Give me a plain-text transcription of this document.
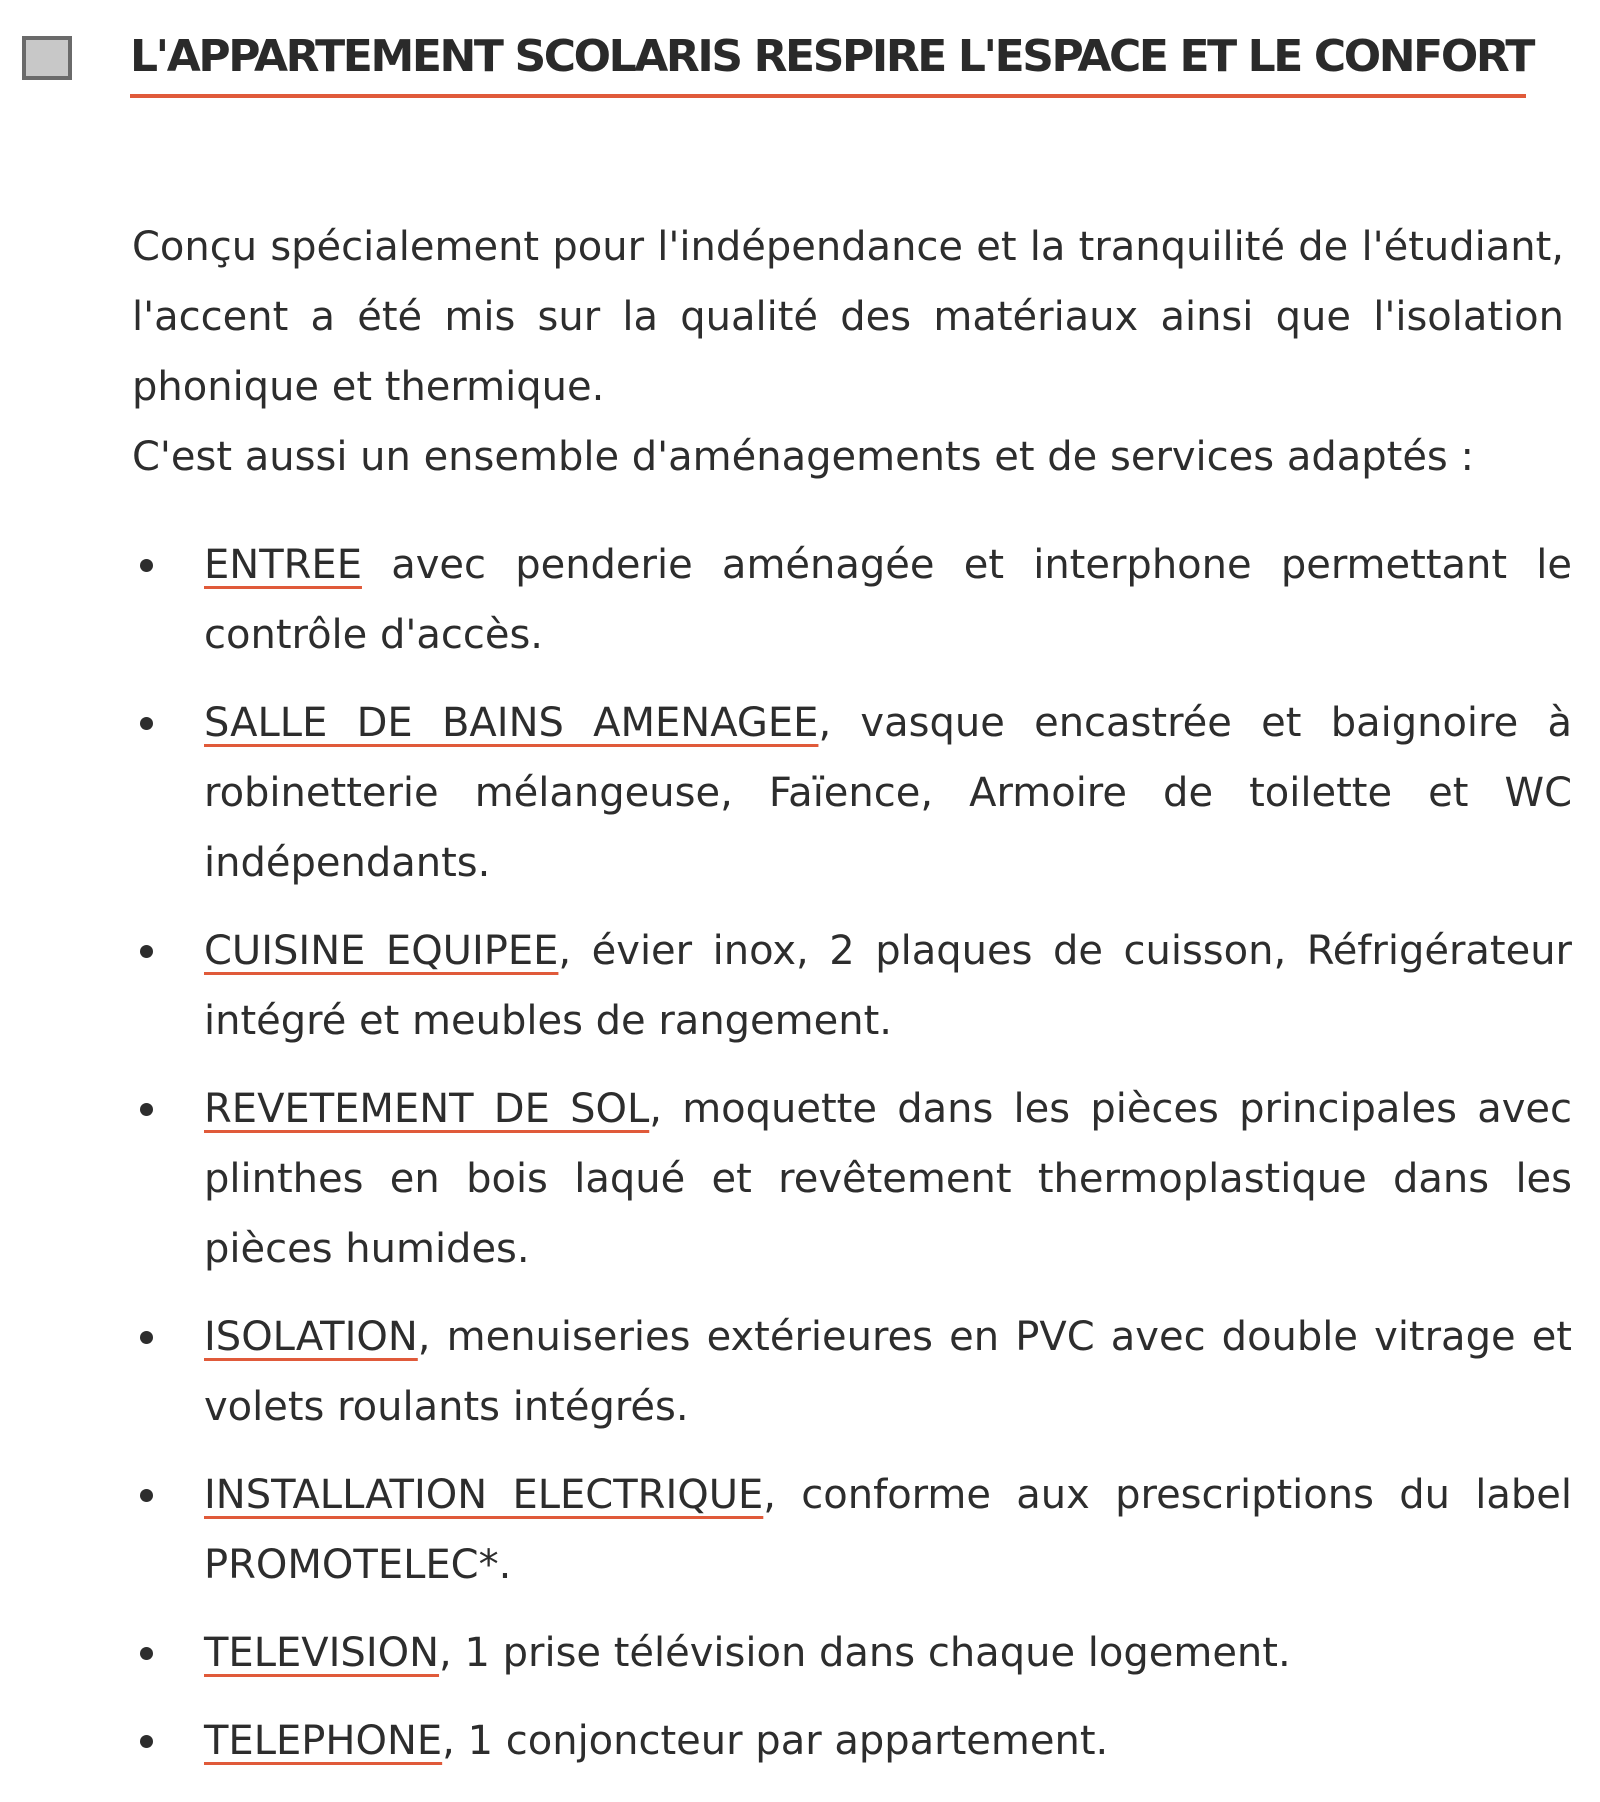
L'APPARTEMENT SCOLARIS RESPIRE L'ESPACE ET LE CONFORT

Conçu spécialement pour l'indépendance et la tranquilité de l'étudiant, l'accent a été mis sur la qualité des matériaux ainsi que l'isolation phonique et thermique.

C'est aussi un ensemble d'aménagements et de services adaptés :

ENTREE avec penderie aménagée et interphone permettant le contrôle d'accès.
SALLE DE BAINS AMENAGEE, vasque encastrée et baignoire à robinetterie mélangeuse, Faïence, Armoire de toilette et WC indépendants.
CUISINE EQUIPEE, évier inox, 2 plaques de cuisson, Réfrigérateur intégré et meubles de rangement.
REVETEMENT DE SOL, moquette dans les pièces principales avec plinthes en bois laqué et revêtement thermoplastique dans les pièces humides.
ISOLATION, menuiseries extérieures en PVC avec double vitrage et volets roulants intégrés.
INSTALLATION ELECTRIQUE, conforme aux prescriptions du label PROMOTELEC*.
TELEVISION, 1 prise télévision dans chaque logement.
TELEPHONE, 1 conjoncteur par appartement.
